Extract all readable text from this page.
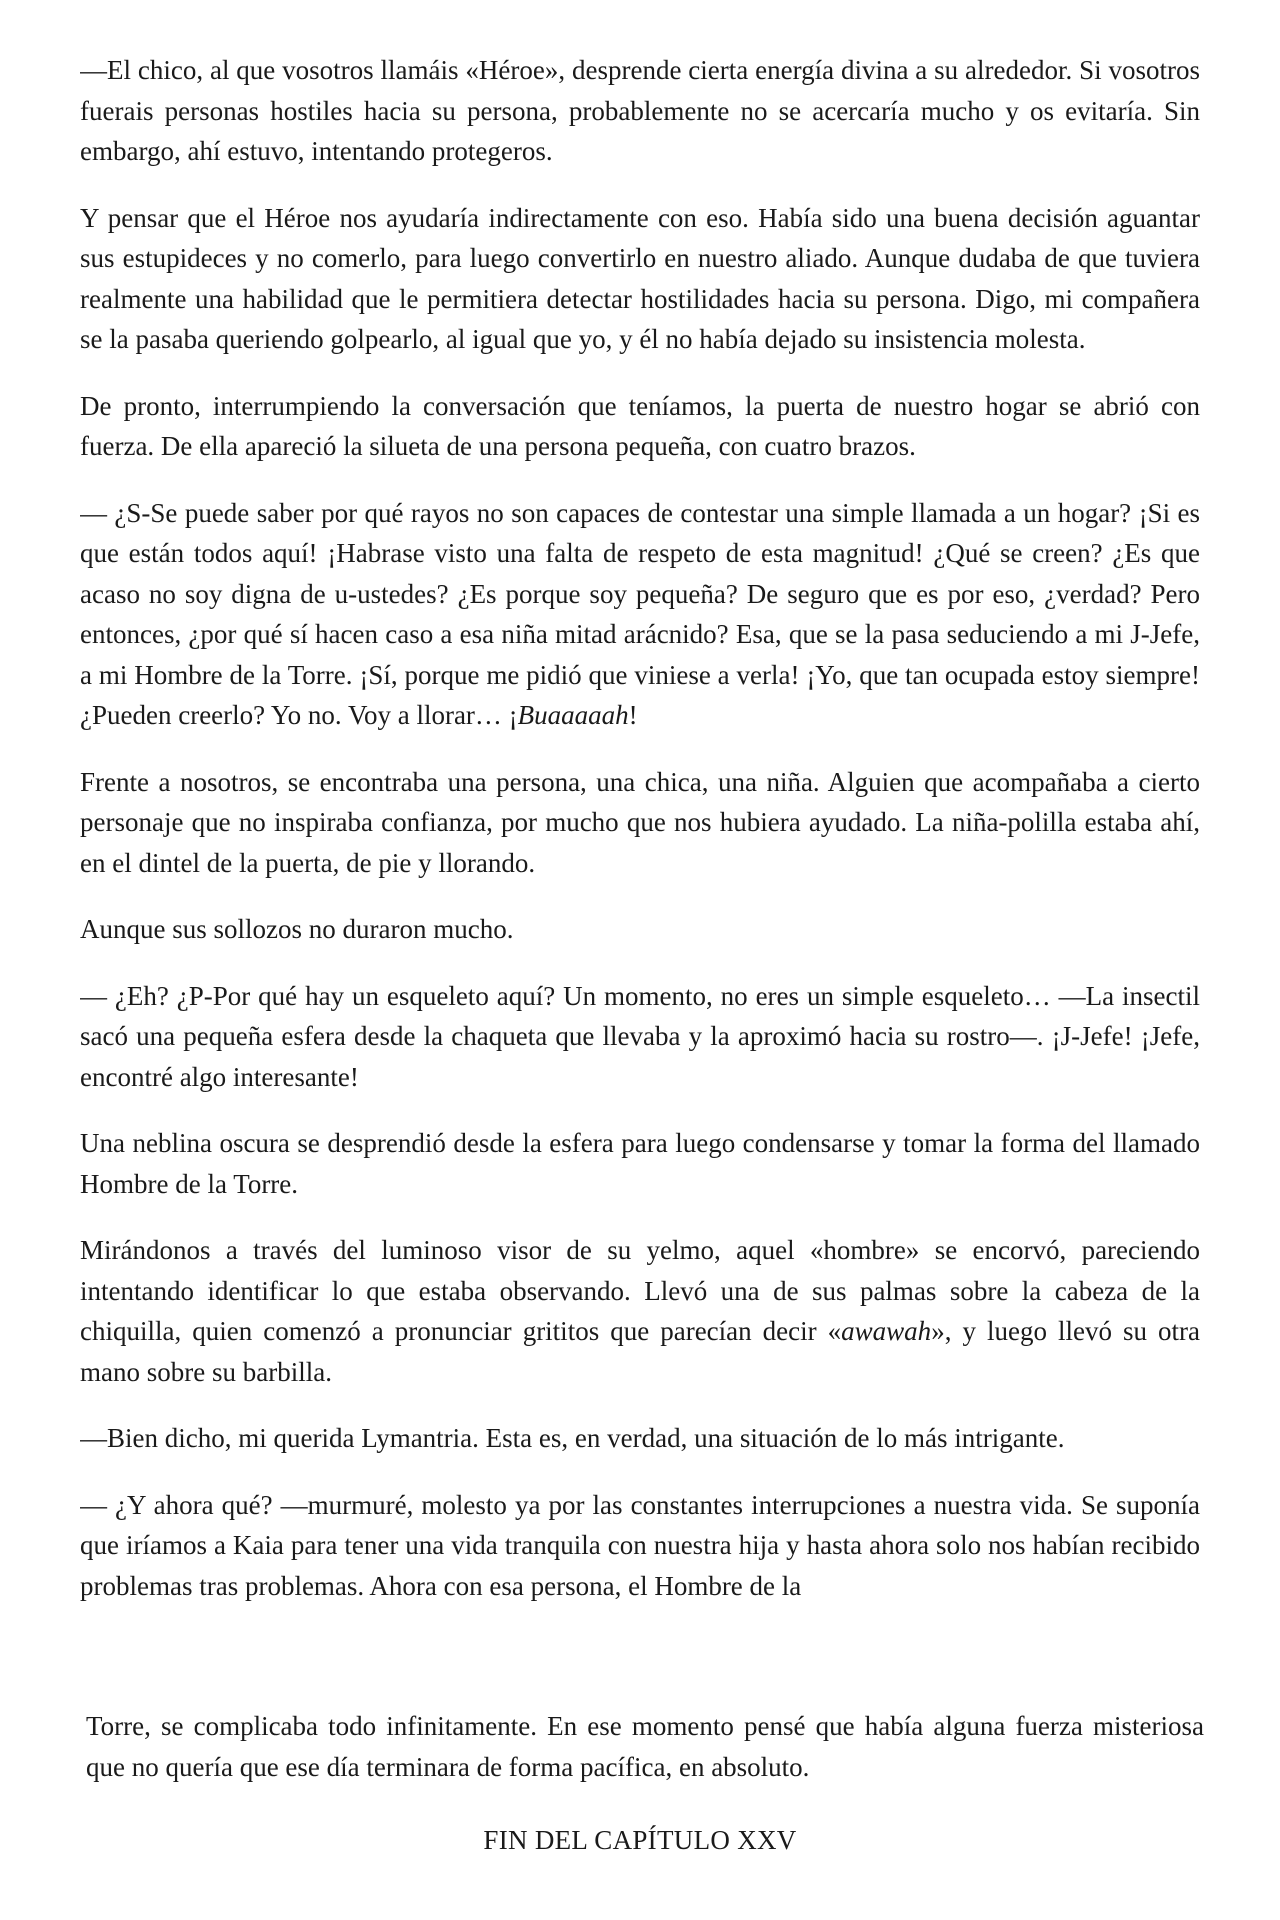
—El chico, al que vosotros llamáis «Héroe», desprende cierta energía divina a su alrededor. Si vosotros fuerais personas hostiles hacia su persona, probablemente no se acercaría mucho y os evitaría. Sin embargo, ahí estuvo, intentando protegeros.

Y pensar que el Héroe nos ayudaría indirectamente con eso. Había sido una buena decisión aguantar sus estupideces y no comerlo, para luego convertirlo en nuestro aliado. Aunque dudaba de que tuviera realmente una habilidad que le permitiera detectar hostilidades hacia su persona. Digo, mi compañera se la pasaba queriendo golpearlo, al igual que yo, y él no había dejado su insistencia molesta.

De pronto, interrumpiendo la conversación que teníamos, la puerta de nuestro hogar se abrió con fuerza. De ella apareció la silueta de una persona pequeña, con cuatro brazos.

— ¿S-Se puede saber por qué rayos no son capaces de contestar una simple llamada a un hogar? ¡Si es que están todos aquí! ¡Habrase visto una falta de respeto de esta magnitud! ¿Qué se creen? ¿Es que acaso no soy digna de u-ustedes? ¿Es porque soy pequeña? De seguro que es por eso, ¿verdad? Pero entonces, ¿por qué sí hacen caso a esa niña mitad arácnido? Esa, que se la pasa seduciendo a mi J-Jefe, a mi Hombre de la Torre. ¡Sí, porque me pidió que viniese a verla! ¡Yo, que tan ocupada estoy siempre! ¿Pueden creerlo? Yo no. Voy a llorar… ¡Buaaaaah!

Frente a nosotros, se encontraba una persona, una chica, una niña. Alguien que acompañaba a cierto personaje que no inspiraba confianza, por mucho que nos hubiera ayudado. La niña-polilla estaba ahí, en el dintel de la puerta, de pie y llorando.

Aunque sus sollozos no duraron mucho.

— ¿Eh? ¿P-Por qué hay un esqueleto aquí? Un momento, no eres un simple esqueleto… —La insectil sacó una pequeña esfera desde la chaqueta que llevaba y la aproximó hacia su rostro—. ¡J-Jefe! ¡Jefe, encontré algo interesante!

Una neblina oscura se desprendió desde la esfera para luego condensarse y tomar la forma del llamado Hombre de la Torre.

Mirándonos a través del luminoso visor de su yelmo, aquel «hombre» se encorvó, pareciendo intentando identificar lo que estaba observando. Llevó una de sus palmas sobre la cabeza de la chiquilla, quien comenzó a pronunciar grititos que parecían decir «awawah», y luego llevó su otra mano sobre su barbilla.

—Bien dicho, mi querida Lymantria. Esta es, en verdad, una situación de lo más intrigante.

— ¿Y ahora qué? —murmuré, molesto ya por las constantes interrupciones a nuestra vida. Se suponía que iríamos a Kaia para tener una vida tranquila con nuestra hija y hasta ahora solo nos habían recibido problemas tras problemas. Ahora con esa persona, el Hombre de la

Torre, se complicaba todo infinitamente. En ese momento pensé que había alguna fuerza misteriosa que no quería que ese día terminara de forma pacífica, en absoluto.

FIN DEL CAPÍTULO XXV
